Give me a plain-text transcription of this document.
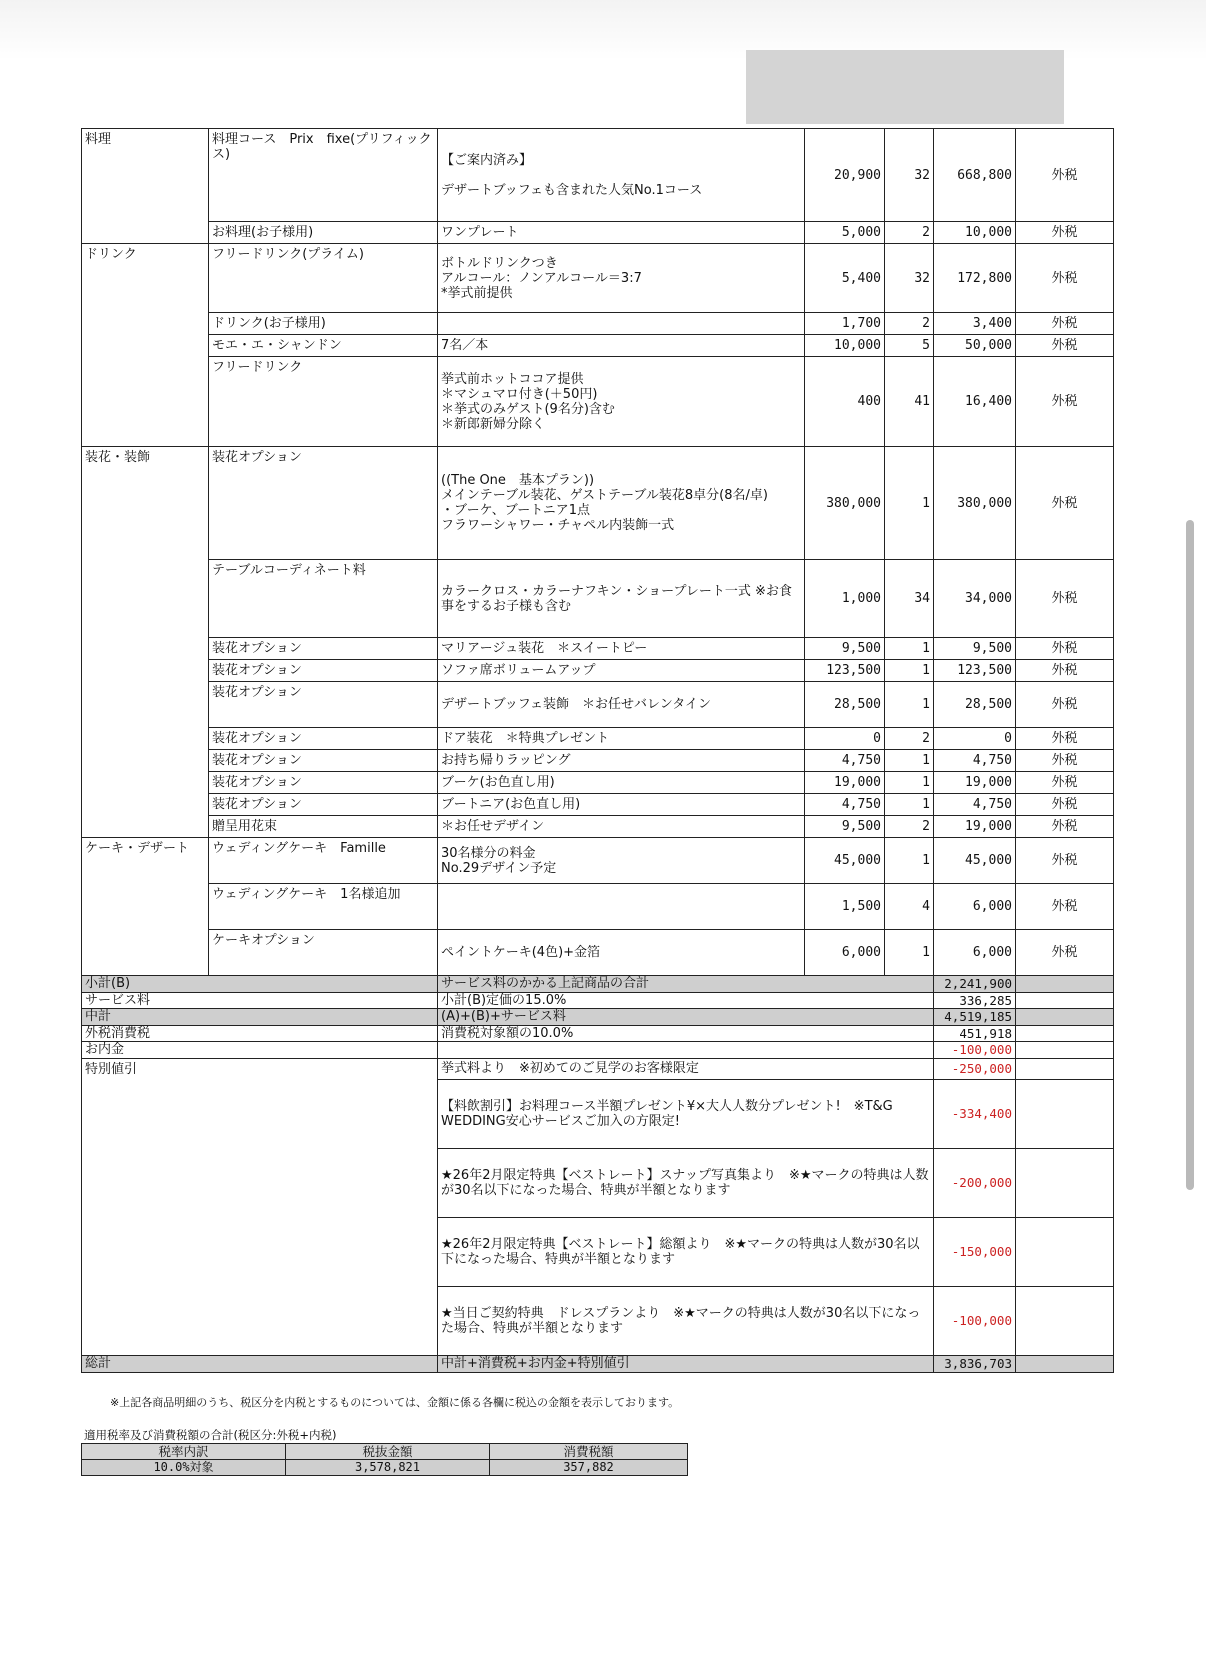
料理	料理コース　Prix　fixe(プリフィックス)	【ご案内済み】

デザートブッフェも含まれた人気No.1コース	20,900	32	668,800	外税
	お料理(お子様用)	ワンプレート	5,000	2	10,000	外税
ドリンク	フリードリンク(プライム)	ボトルドリンクつき
アルコール：ノンアルコール＝3:7
*挙式前提供	5,400	32	172,800	外税
	ドリンク(お子様用)		1,700	2	3,400	外税
	モエ・エ・シャンドン	7名／本	10,000	5	50,000	外税
	フリードリンク	挙式前ホットココア提供
＊マシュマロ付き(＋50円)
＊挙式のみゲスト(9名分)含む
＊新郎新婦分除く	400	41	16,400	外税
装花・装飾	装花オプション	((The One　基本プラン))
メインテーブル装花、ゲストテーブル装花8卓分(8名/卓)
・ブーケ、ブートニア1点
フラワーシャワー・チャペル内装飾一式	380,000	1	380,000	外税
	テーブルコーディネート料	カラークロス・カラーナフキン・ショープレート一式 ※お食事をするお子様も含む	1,000	34	34,000	外税
	装花オプション	マリアージュ装花　＊スイートピー	9,500	1	9,500	外税
	装花オプション	ソファ席ボリュームアップ	123,500	1	123,500	外税
	装花オプション	デザートブッフェ装飾　＊お任せバレンタイン	28,500	1	28,500	外税
	装花オプション	ドア装花　＊特典プレゼント	0	2	0	外税
	装花オプション	お持ち帰りラッピング	4,750	1	4,750	外税
	装花オプション	ブーケ(お色直し用)	19,000	1	19,000	外税
	装花オプション	ブートニア(お色直し用)	4,750	1	4,750	外税
	贈呈用花束	＊お任せデザイン	9,500	2	19,000	外税
ケーキ・デザート	ウェディングケーキ　Famille	30名様分の料金
No.29デザイン予定	45,000	1	45,000	外税
	ウェディングケーキ　1名様追加		1,500	4	6,000	外税
	ケーキオプション	ペイントケーキ(4色)+金箔	6,000	1	6,000	外税
小計(B)		サービス料のかかる上記商品の合計			2,241,900	
サービス料		小計(B)定価の15.0%			336,285	
中計		(A)+(B)+サービス料			4,519,185	
外税消費税		消費税対象額の10.0%			451,918	
お内金					-100,000	
特別値引		挙式料より　※初めてのご見学のお客様限定			-250,000	
		【料飲割引】お料理コース半額プレゼント¥×大人人数分プレゼント!　※T&G WEDDING安心サービスご加入の方限定!			-334,400	
		★26年2月限定特典【ベストレート】スナップ写真集より　※★マークの特典は人数が30名以下になった場合、特典が半額となります			-200,000	
		★26年2月限定特典【ベストレート】総額より　※★マークの特典は人数が30名以下になった場合、特典が半額となります			-150,000	
		★当日ご契約特典　ドレスプランより　※★マークの特典は人数が30名以下になった場合、特典が半額となります			-100,000	
総計		中計+消費税+お内金+特別値引			3,836,703	
※上記各商品明細のうち、税区分を内税とするものについては、金額に係る各欄に税込の金額を表示しております。
適用税率及び消費税額の合計(税区分:外税+内税)
税率内訳	税抜金額	消費税額
10.0%対象	3,578,821	357,882
